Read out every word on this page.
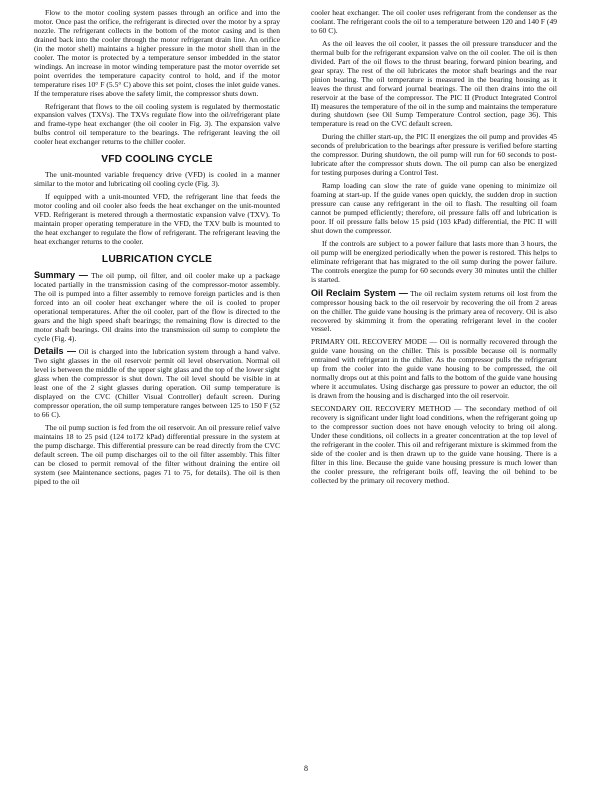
Flow to the motor cooling system passes through an orifice and into the motor. Once past the orifice, the refrigerant is directed over the motor by a spray nozzle. The refrigerant collects in the bottom of the motor casing and is then drained back into the cooler through the motor refrigerant drain line. An orifice (in the motor shell) maintains a higher pressure in the motor shell than in the cooler. The motor is protected by a temperature sensor imbedded in the stator windings. An increase in motor winding temperature past the motor override set point overrides the temperature capacity control to hold, and if the motor temperature rises 10° F (5.5° C) above this set point, closes the inlet guide vanes. If the temperature rises above the safety limit, the compressor shuts down.

Refrigerant that flows to the oil cooling system is regulated by thermostatic expansion valves (TXVs). The TXVs regulate flow into the oil/refrigerant plate and frame-type heat exchanger (the oil cooler in Fig. 3). The expansion valve bulbs control oil temperature to the bearings. The refrigerant leaving the oil cooler heat exchanger returns to the chiller cooler.

VFD COOLING CYCLE

The unit-mounted variable frequency drive (VFD) is cooled in a manner similar to the motor and lubricating oil cooling cycle (Fig. 3).

If equipped with a unit-mounted VFD, the refrigerant line that feeds the motor cooling and oil cooler also feeds the heat exchanger on the unit-mounted VFD. Refrigerant is metered through a thermostatic expansion valve (TXV). To maintain proper operating temperature in the VFD, the TXV bulb is mounted to the heat exchanger to regulate the flow of refrigerant. The refrigerant leaving the heat exchanger returns to the cooler.

LUBRICATION CYCLE

Summary — The oil pump, oil filter, and oil cooler make up a package located partially in the transmission casing of the compressor-motor assembly. The oil is pumped into a filter assembly to remove foreign particles and is then forced into an oil cooler heat exchanger where the oil is cooled to proper operational temperatures. After the oil cooler, part of the flow is directed to the gears and the high speed shaft bearings; the remaining flow is directed to the motor shaft bearings. Oil drains into the transmission oil sump to complete the cycle (Fig. 4).

Details — Oil is charged into the lubrication system through a hand valve. Two sight glasses in the oil reservoir permit oil level observation. Normal oil level is between the middle of the upper sight glass and the top of the lower sight glass when the compressor is shut down. The oil level should be visible in at least one of the 2 sight glasses during operation. Oil sump temperature is displayed on the CVC (Chiller Visual Controller) default screen. During compressor operation, the oil sump temperature ranges between 125 to 150 F (52 to 66 C).

The oil pump suction is fed from the oil reservoir. An oil pressure relief valve maintains 18 to 25 psid (124 to172 kPad) differential pressure in the system at the pump discharge. This differential pressure can be read directly from the CVC default screen. The oil pump discharges oil to the oil filter assembly. This filter can be closed to permit removal of the filter without draining the entire oil system (see Maintenance sections, pages 71 to 75, for details). The oil is then piped to the oil

cooler heat exchanger. The oil cooler uses refrigerant from the condenser as the coolant. The refrigerant cools the oil to a temperature between 120 and 140 F (49 to 60 C).

As the oil leaves the oil cooler, it passes the oil pressure transducer and the thermal bulb for the refrigerant expansion valve on the oil cooler. The oil is then divided. Part of the oil flows to the thrust bearing, forward pinion bearing, and gear spray. The rest of the oil lubricates the motor shaft bearings and the rear pinion bearing. The oil temperature is measured in the bearing housing as it leaves the thrust and forward journal bearings. The oil then drains into the oil reservoir at the base of the compressor. The PIC II (Product Integrated Control II) measures the temperature of the oil in the sump and maintains the temperature during shutdown (see Oil Sump Temperature Control section, page 36). This temperature is read on the CVC default screen.

During the chiller start-up, the PIC II energizes the oil pump and provides 45 seconds of prelubrication to the bearings after pressure is verified before starting the compressor. During shutdown, the oil pump will run for 60 seconds to post-lubricate after the compressor shuts down. The oil pump can also be energized for testing purposes during a Control Test.

Ramp loading can slow the rate of guide vane opening to minimize oil foaming at start-up. If the guide vanes open quickly, the sudden drop in suction pressure can cause any refrigerant in the oil to flash. The resulting oil foam cannot be pumped efficiently; therefore, oil pressure falls off and lubrication is poor. If oil pressure falls below 15 psid (103 kPad) differential, the PIC II will shut down the compressor.

If the controls are subject to a power failure that lasts more than 3 hours, the oil pump will be energized periodically when the power is restored. This helps to eliminate refrigerant that has migrated to the oil sump during the power failure. The controls energize the pump for 60 seconds every 30 minutes until the chiller is started.

Oil Reclaim System — The oil reclaim system returns oil lost from the compressor housing back to the oil reservoir by recovering the oil from 2 areas on the chiller. The guide vane housing is the primary area of recovery. Oil is also recovered by skimming it from the operating refrigerant level in the cooler vessel.

PRIMARY OIL RECOVERY MODE — Oil is normally recovered through the guide vane housing on the chiller. This is possible because oil is normally entrained with refrigerant in the chiller. As the compressor pulls the refrigerant up from the cooler into the guide vane housing to be compressed, the oil normally drops out at this point and falls to the bottom of the guide vane housing where it accumulates. Using discharge gas pressure to power an eductor, the oil is drawn from the housing and is discharged into the oil reservoir.

SECONDARY OIL RECOVERY METHOD — The secondary method of oil recovery is significant under light load conditions, when the refrigerant going up to the compressor suction does not have enough velocity to bring oil along. Under these conditions, oil collects in a greater concentration at the top level of the refrigerant in the cooler. This oil and refrigerant mixture is skimmed from the side of the cooler and is then drawn up to the guide vane housing. There is a filter in this line. Because the guide vane housing pressure is much lower than the cooler pressure, the refrigerant boils off, leaving the oil behind to be collected by the primary oil recovery method.

8
